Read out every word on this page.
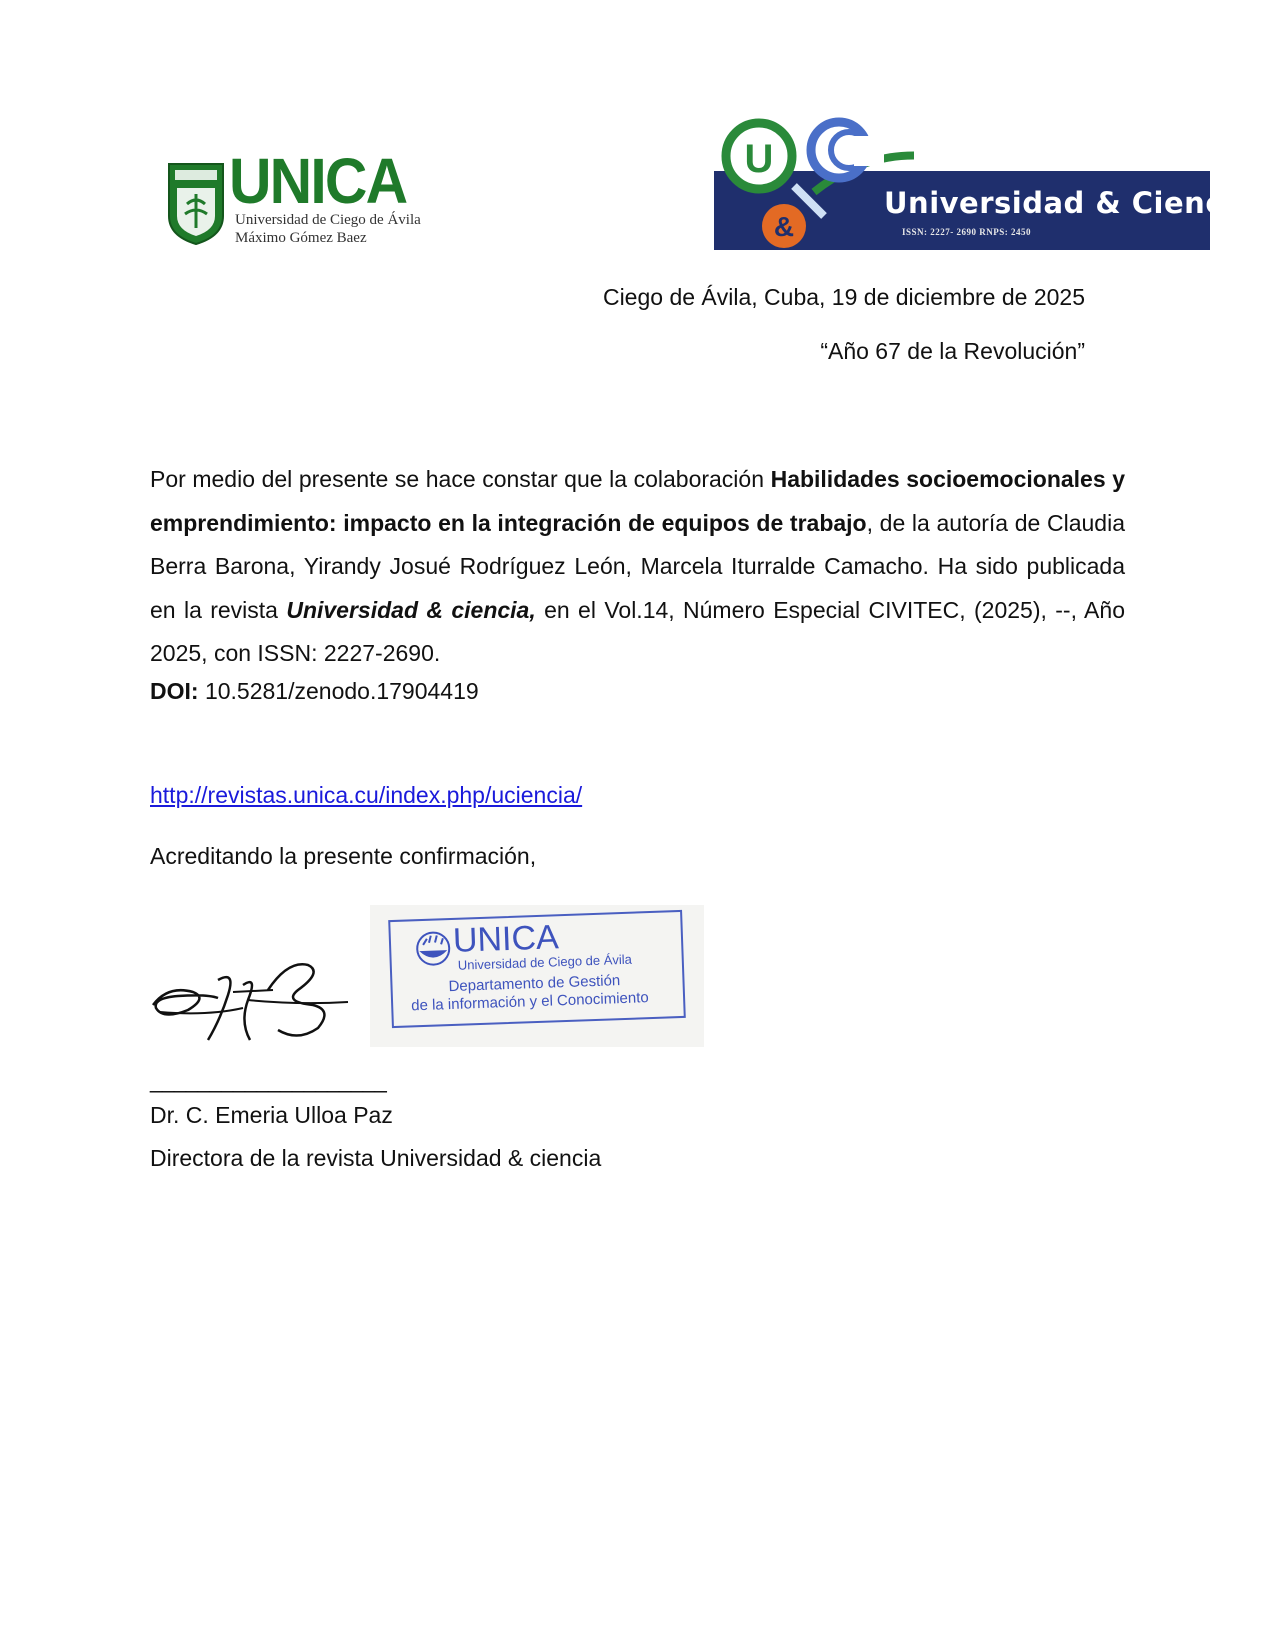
UNICA
Universidad de Ciego de Ávila
Máximo Gómez Baez
U
&
Universidad & Ciencia
ISSN: 2227- 2690 RNPS: 2450
Ciego de Ávila, Cuba, 19 de diciembre de 2025
“Año 67 de la Revolución”
Por medio del presente se hace constar que la colaboración Habilidades socioemocionales y emprendimiento: impacto en la integración de equipos de trabajo, de la autoría de Claudia Berra Barona, Yirandy Josué Rodríguez León, Marcela Iturralde Camacho. Ha sido publicada en la revista Universidad & ciencia, en el Vol.14, Número Especial CIVITEC, (2025), --, Año 2025, con ISSN: 2227-2690.
DOI: 10.5281/zenodo.17904419
http://revistas.unica.cu/index.php/uciencia/
Acreditando la presente confirmación,
UNICA
Universidad de Ciego de Ávila
Departamento de Gestión
de la información y el Conocimiento
____________________
Dr. C. Emeria Ulloa Paz
Directora de la revista Universidad & ciencia
